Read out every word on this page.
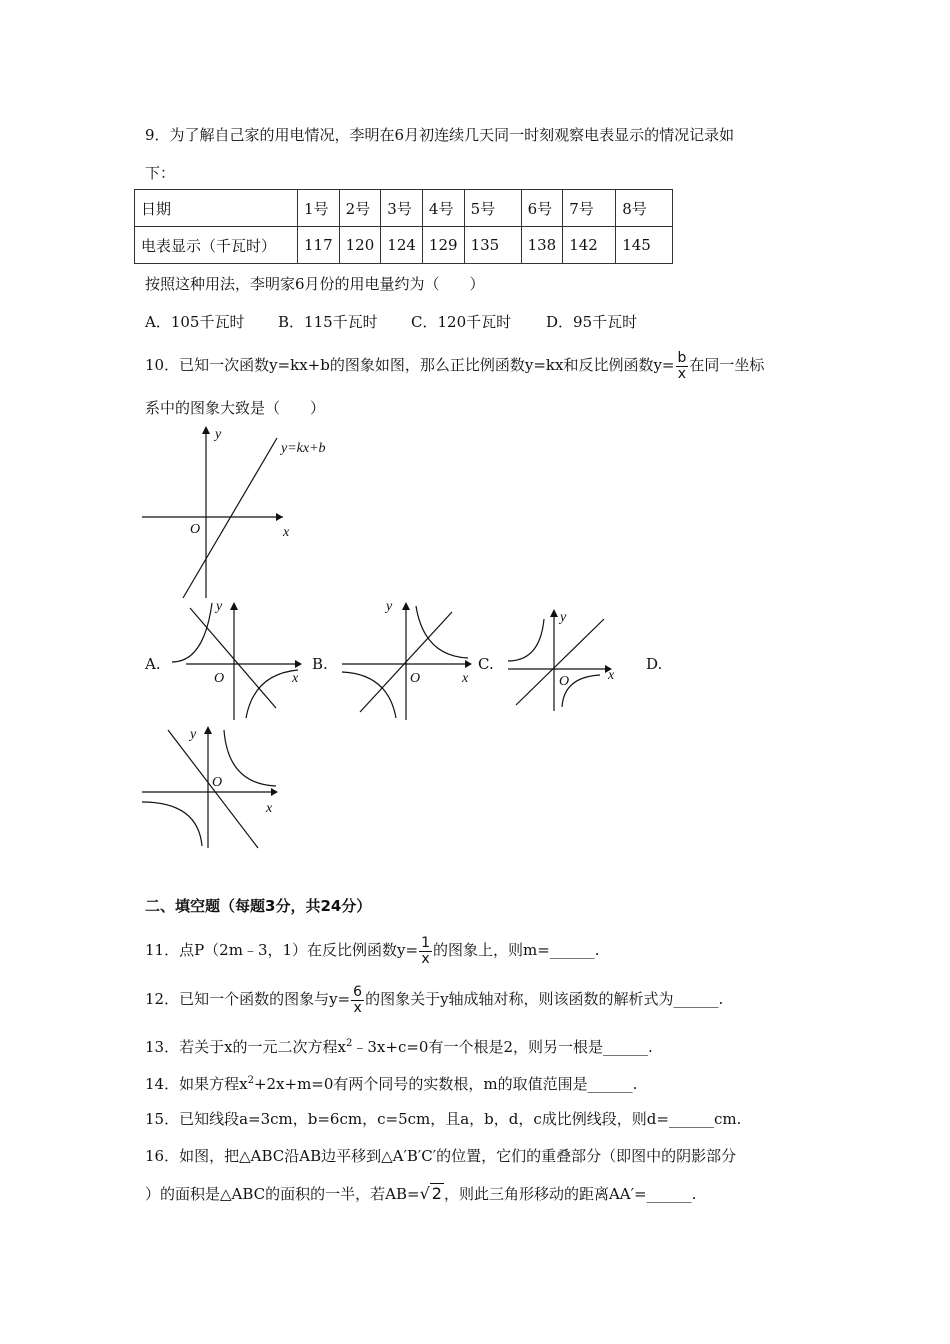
9．为了解自己家的用电情况，李明在6月初连续几天同一时刻观察电表显示的情况记录如
下：
日期	1号	2号	3号	4号	5号	6号	7号	8号
电表显示（千瓦时）	117	120	124	129	135	138	142	145
按照这种用法，李明家6月份的用电量约为（　　）
A．105千瓦时 B．115千瓦时 C．120千瓦时 D．95千瓦时
10．已知一次函数y=kx+b的图象如图，那么正比例函数y=kx和反比例函数$y= \frac{b}{x}$ 在同一坐标
系中的图象大致是（　　）
y
y=kx+b
O	x
A.
y
O	x
B.
y
O	x
C.
y
O	x
D.
y
O
x
二、填空题（每题3分，共24分）
11．点P（2m﹣3，1）在反比例函数$y= \frac{1}{x}$ 的图象上，则m=______.
12．已知一个函数的图象与$y= \frac{6}{x}$ 的图象关于y轴成轴对称，则该函数的解析式为______.
13．若关于x的一元二次方程$x^2﹣3x+c=0$有一个根是2，则另一根是______.
14．如果方程$x^2+2x+m=0$有两个同号的实数根，m的取值范围是______.
15．已知线段a=3cm，b=6cm，c=5cm，且a，b，d，c成比例线段，则d=______cm.
16．如图，把△ABC沿AB边平移到△A′B′C′的位置，它们的重叠部分（即图中的阴影部分
）的面积是△ABC的面积的一半，若AB=√ 2 ，则此三角形移动的距离AA′=______.
